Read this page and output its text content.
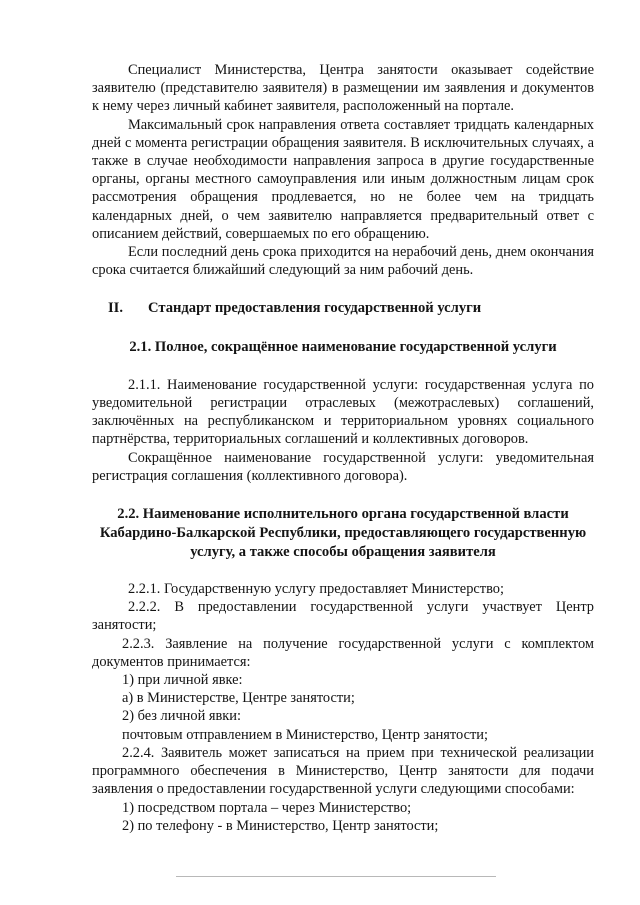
Специалист Министерства, Центра занятости оказывает содействие заявителю (представителю заявителя) в размещении им заявления и документов к нему через личный кабинет заявителя, расположенный на портале.

Максимальный срок направления ответа составляет тридцать календарных дней с момента регистрации обращения заявителя. В исключительных случаях, а также в случае необходимости направления запроса в другие государственные органы, органы местного самоуправления или иным должностным лицам срок рассмотрения обращения продлевается, но не более чем на тридцать календарных дней, о чем заявителю направляется предварительный ответ с описанием действий, совершаемых по его обращению.

Если последний день срока приходится на нерабочий день, днем окончания срока считается ближайший следующий за ним рабочий день.

II.	Стандарт предоставления государственной услуги
2.1. Полное, сокращённое наименование государственной услуги

2.1.1. Наименование государственной услуги: государственная услуга по уведомительной регистрации отраслевых (межотраслевых) соглашений, заключённых на республиканском и территориальном уровнях социального партнёрства, территориальных соглашений и коллективных договоров.

Сокращённое наименование государственной услуги: уведомительная регистрация соглашения (коллективного договора).

2.2. Наименование исполнительного органа государственной власти Кабардино-Балкарской Республики, предоставляющего государственную услугу, а также способы обращения заявителя

2.2.1. Государственную услугу предоставляет Министерство;

2.2.2. В предоставлении государственной услуги участвует Центр занятости;

2.2.3. Заявление на получение государственной услуги с комплектом документов принимается:

1) при личной явке:

а) в Министерстве, Центре занятости;

2) без личной явки:

почтовым отправлением в Министерство, Центр занятости;

2.2.4. Заявитель может записаться на прием при технической реализации программного обеспечения в Министерство, Центр занятости для подачи заявления о предоставлении государственной услуги следующими способами:

1) посредством портала – через Министерство;

2) по телефону - в Министерство, Центр занятости;
